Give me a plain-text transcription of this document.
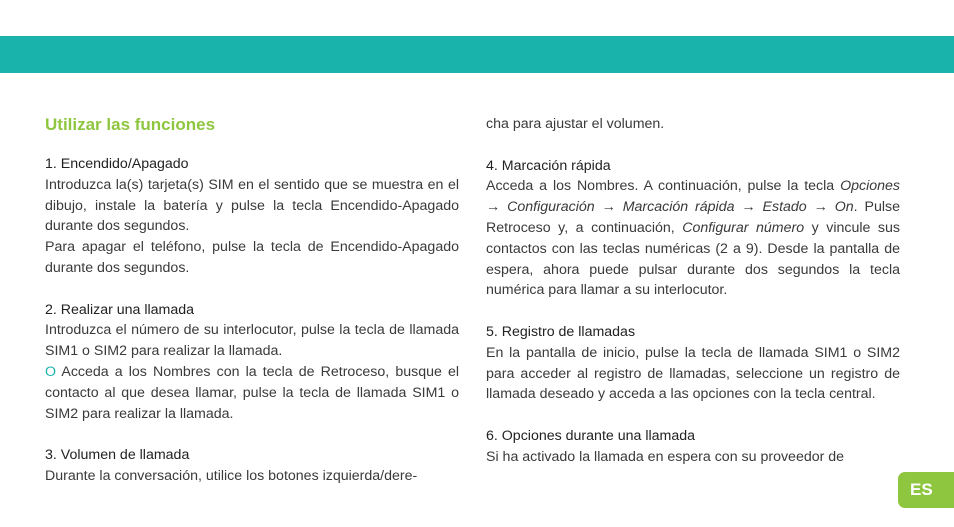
Utilizar las funciones
1. Encendido/Apagado

Introduzca la(s) tarjeta(s) SIM en el sentido que se muestra en el dibujo, instale la batería y pulse la tecla Encendido-Apagado durante dos segundos.

Para apagar el teléfono, pulse la tecla de Encendido-Apagado durante dos segundos.

2. Realizar una llamada

Introduzca el número de su interlocutor, pulse la tecla de llamada SIM1 o SIM2 para realizar la llamada.

O Acceda a los Nombres con la tecla de Retroceso, busque el contacto al que desea llamar, pulse la tecla de llamada SIM1 o SIM2 para realizar la llamada.

3. Volumen de llamada

Durante la conversación, utilice los botones izquierda/dere-

cha para ajustar el volumen.

4. Marcación rápida

Acceda a los Nombres. A continuación, pulse la tecla Opciones → Configuración → Marcación rápida → Estado → On. Pulse Retroceso y, a continuación, Configurar número y vincule sus contactos con las teclas numéricas (2 a 9). Desde la pantalla de espera, ahora puede pulsar durante dos segundos la tecla numérica para llamar a su interlocutor.

5. Registro de llamadas

En la pantalla de inicio, pulse la tecla de llamada SIM1 o SIM2 para acceder al registro de llamadas, seleccione un registro de llamada deseado y acceda a las opciones con la tecla central.

6. Opciones durante una llamada

Si ha activado la llamada en espera con su proveedor de

ES
